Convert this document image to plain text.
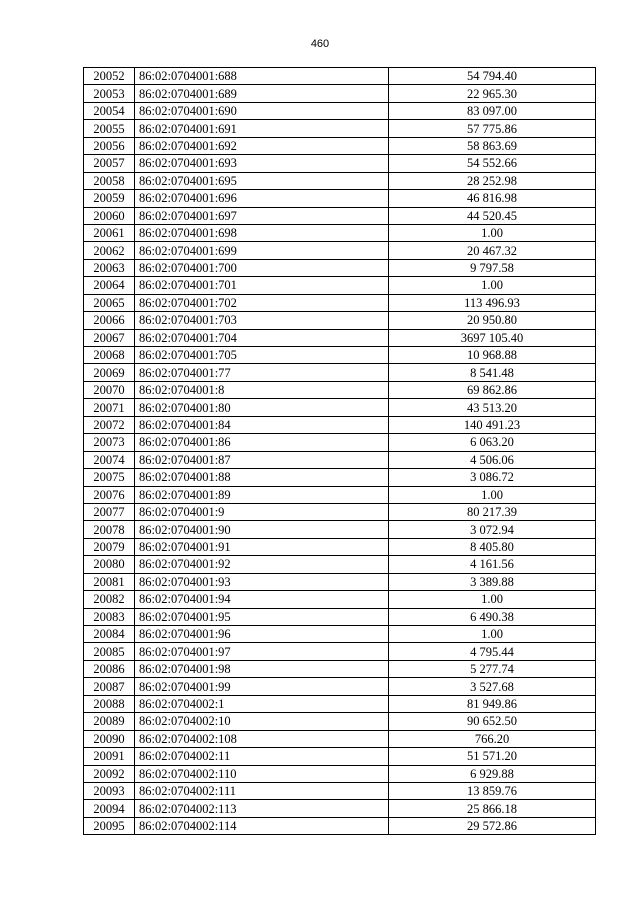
460
20052	86:02:0704001:688	54 794.40
20053	86:02:0704001:689	22 965.30
20054	86:02:0704001:690	83 097.00
20055	86:02:0704001:691	57 775.86
20056	86:02:0704001:692	58 863.69
20057	86:02:0704001:693	54 552.66
20058	86:02:0704001:695	28 252.98
20059	86:02:0704001:696	46 816.98
20060	86:02:0704001:697	44 520.45
20061	86:02:0704001:698	1.00
20062	86:02:0704001:699	20 467.32
20063	86:02:0704001:700	9 797.58
20064	86:02:0704001:701	1.00
20065	86:02:0704001:702	113 496.93
20066	86:02:0704001:703	20 950.80
20067	86:02:0704001:704	3697 105.40
20068	86:02:0704001:705	10 968.88
20069	86:02:0704001:77	8 541.48
20070	86:02:0704001:8	69 862.86
20071	86:02:0704001:80	43 513.20
20072	86:02:0704001:84	140 491.23
20073	86:02:0704001:86	6 063.20
20074	86:02:0704001:87	4 506.06
20075	86:02:0704001:88	3 086.72
20076	86:02:0704001:89	1.00
20077	86:02:0704001:9	80 217.39
20078	86:02:0704001:90	3 072.94
20079	86:02:0704001:91	8 405.80
20080	86:02:0704001:92	4 161.56
20081	86:02:0704001:93	3 389.88
20082	86:02:0704001:94	1.00
20083	86:02:0704001:95	6 490.38
20084	86:02:0704001:96	1.00
20085	86:02:0704001:97	4 795.44
20086	86:02:0704001:98	5 277.74
20087	86:02:0704001:99	3 527.68
20088	86:02:0704002:1	81 949.86
20089	86:02:0704002:10	90 652.50
20090	86:02:0704002:108	766.20
20091	86:02:0704002:11	51 571.20
20092	86:02:0704002:110	6 929.88
20093	86:02:0704002:111	13 859.76
20094	86:02:0704002:113	25 866.18
20095	86:02:0704002:114	29 572.86
